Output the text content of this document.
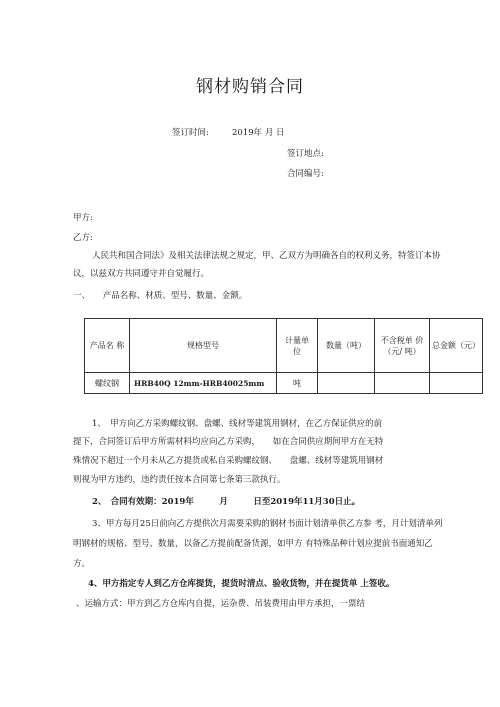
钢材购销合同
签订时间:	2019年 月 日
签订地点:
合同编号:
甲方:
乙方:
人民共和国合同法》及相关法律法规之规定，甲、乙双方为明确各自的权利义务，特签订本协
议，以兹双方共同遵守并自觉履行。
一、　　产品名称、材质、型号、数量、金额。
产品名 称	规格型号	计量单位	数量（吨）	不含税单 价（元/ 吨）	总金额（元）
螺纹钢	HRB40Q 12mm-HRB40025mm	吨			
1、　甲方向乙方采购螺纹钢、盘螺、线材等建筑用钢材，在乙方保证供应的前
提下，合同签订后甲方所需材料均应向乙方采购，　　如在合同供应期间甲方在无特
殊情况下超过一个月未从乙方提货或私自采购螺纹钢、　　盘螺、线材等建筑用钢材
则视为甲方违约，违约责任按本合同第七条第三款执行。
2、　合同有效期：2019年　　　月　　　日至2019年11月30日止。
3、甲方每月25日前向乙方提供次月需要采购的钢材书面计划清单供乙方参 考，月计划清单列
明钢材的规格、型号、数量，以备乙方提前配备货源，如甲方 有特殊品种计划应提前书面通知乙
方。
4、甲方指定专人到乙方仓库提货，提货时清点、验收货物，并在提货单 上签收。
、运输方式：甲方到乙方仓库内自提，运杂费、吊装费用由甲方承担，一票结
